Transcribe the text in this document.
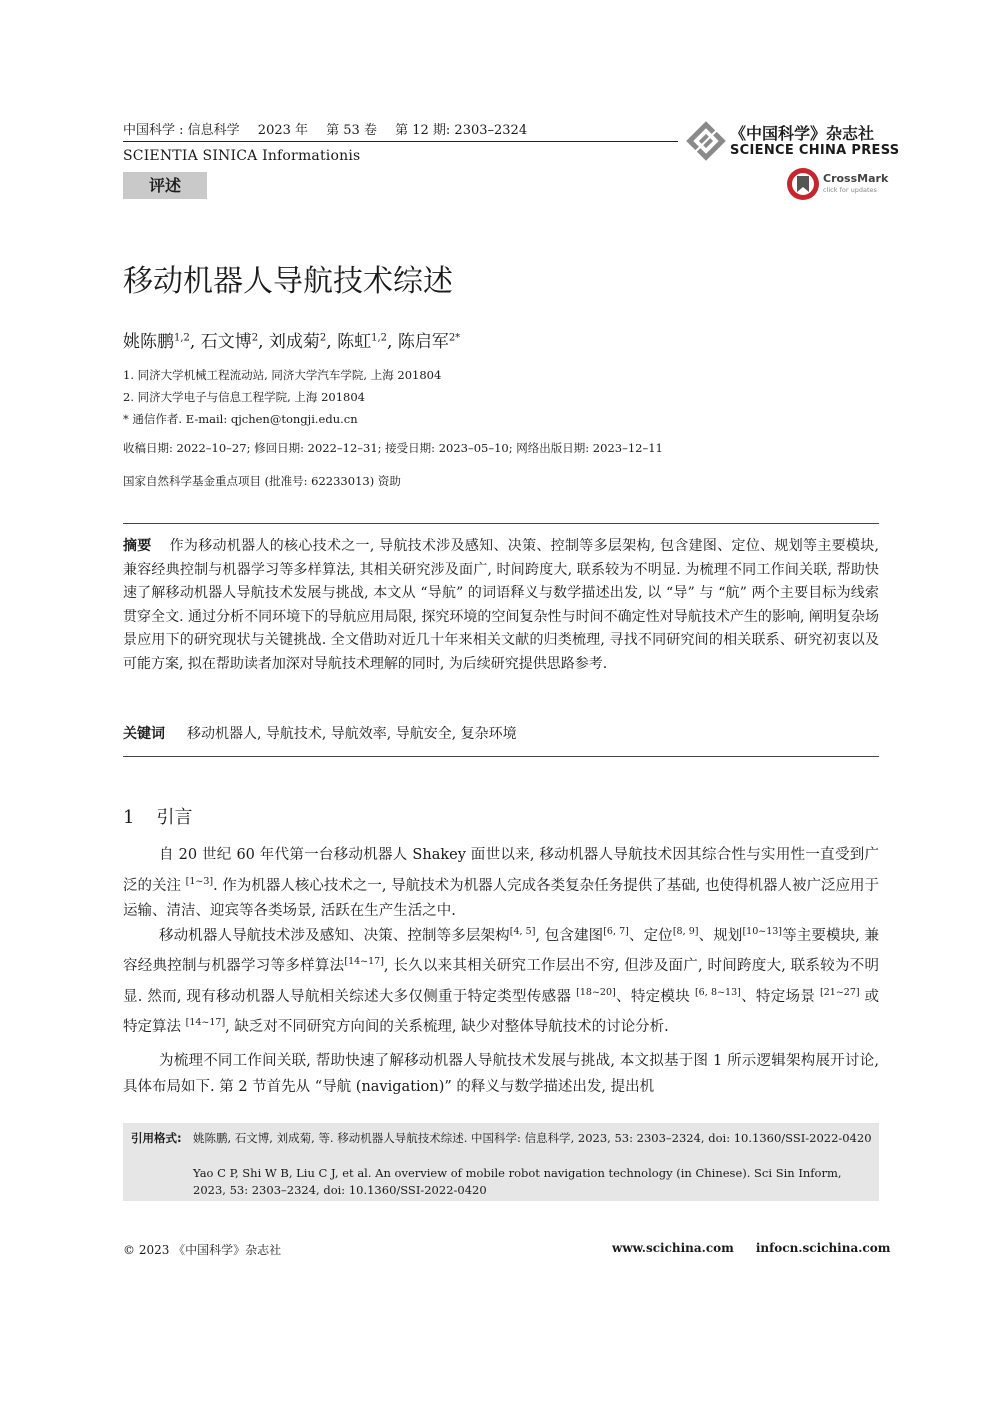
中国科学 : 信息科学 2023 年 第 53 卷 第 12 期: 2303–2324
SCIENTIA SINICA Informationis
评述
《中国科学》杂志社
SCIENCE CHINA PRESS
CrossMark
click for updates
移动机器人导航技术综述
姚陈鹏$^{1,2}$, 石文博$^2$, 刘成菊$^2$, 陈虹$^{1,2}$, 陈启军$^{2*}$
1. 同济大学机械工程流动站, 同济大学汽车学院, 上海 201804
2. 同济大学电子与信息工程学院, 上海 201804
* 通信作者. E-mail: qjchen@tongji.edu.cn
收稿日期: 2022–10–27; 修回日期: 2022–12–31; 接受日期: 2023–05–10; 网络出版日期: 2023–12–11
国家自然科学基金重点项目 (批准号: 62233013) 资助
摘要 作为移动机器人的核心技术之一, 导航技术涉及感知、决策、控制等多层架构, 包含建图、定位、规划等主要模块, 兼容经典控制与机器学习等多样算法, 其相关研究涉及面广, 时间跨度大, 联系较为不明显. 为梳理不同工作间关联, 帮助快速了解移动机器人导航技术发展与挑战, 本文从 “导航” 的词语释义与数学描述出发, 以 “导” 与 “航” 两个主要目标为线索贯穿全文. 通过分析不同环境下的导航应用局限, 探究环境的空间复杂性与时间不确定性对导航技术产生的影响, 阐明复杂场景应用下的研究现状与关键挑战. 全文借助对近几十年来相关文献的归类梳理, 寻找不同研究间的相关联系、研究初衷以及可能方案, 拟在帮助读者加深对导航技术理解的同时, 为后续研究提供思路参考.
关键词 移动机器人, 导航技术, 导航效率, 导航安全, 复杂环境
1 引言
自 20 世纪 60 年代第一台移动机器人 Shakey 面世以来, 移动机器人导航技术因其综合性与实用性一直受到广泛的关注 [1~3]. 作为机器人核心技术之一, 导航技术为机器人完成各类复杂任务提供了基础, 也使得机器人被广泛应用于运输、清洁、迎宾等各类场景, 活跃在生产生活之中.
移动机器人导航技术涉及感知、决策、控制等多层架构[4, 5], 包含建图[6, 7]、定位[8, 9]、规划[10~13]等主要模块, 兼容经典控制与机器学习等多样算法[14~17], 长久以来其相关研究工作层出不穷, 但涉及面广, 时间跨度大, 联系较为不明显. 然而, 现有移动机器人导航相关综述大多仅侧重于特定类型传感器 [18~20]、特定模块 [6, 8~13]、特定场景 [21~27] 或特定算法 [14~17], 缺乏对不同研究方向间的关系梳理, 缺少对整体导航技术的讨论分析.
为梳理不同工作间关联, 帮助快速了解移动机器人导航技术发展与挑战, 本文拟基于图 1 所示逻辑架构展开讨论, 具体布局如下. 第 2 节首先从 “导航 (navigation)” 的释义与数学描述出发, 提出机
引用格式: 姚陈鹏, 石文博, 刘成菊, 等. 移动机器人导航技术综述. 中国科学: 信息科学, 2023, 53: 2303–2324, doi: 10.1360/SSI-2022-0420
Yao C P, Shi W B, Liu C J, et al. An overview of mobile robot navigation technology (in Chinese). Sci Sin Inform, 2023, 53: 2303–2324, doi: 10.1360/SSI-2022-0420
© 2023 《中国科学》杂志社	www.scichina.com infocn.scichina.com
